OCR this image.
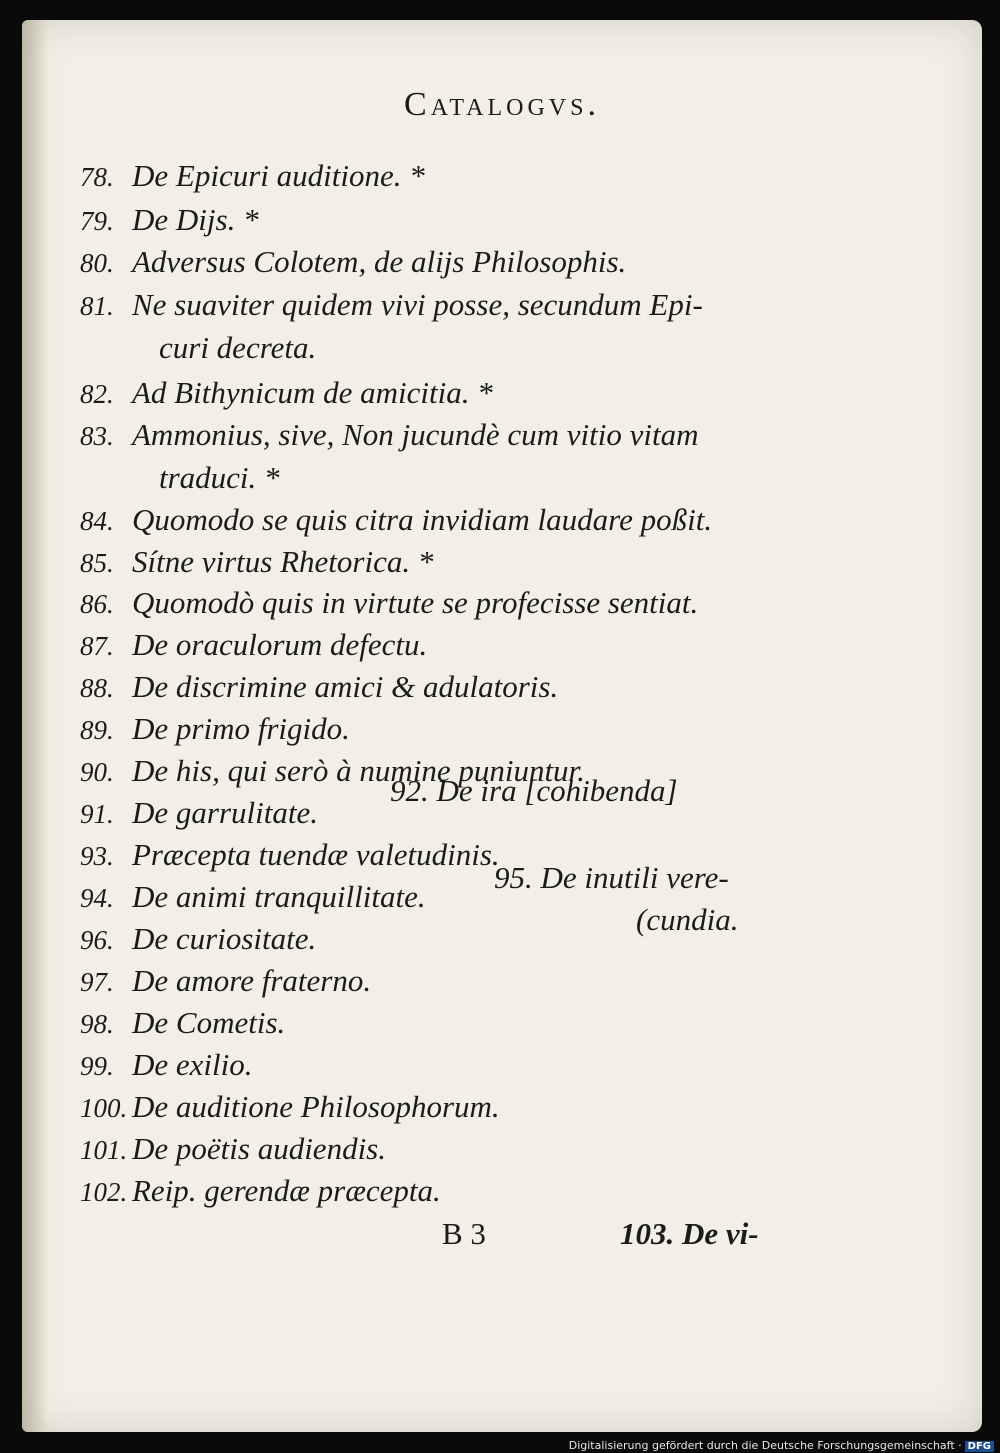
Catalogvs.
78. De Epicuri auditione. *
79. De Dijs. *
80. Adversus Colotem, de alijs Philosophis.
81. Ne suaviter quidem vivi posse, secundum Epi-
curi decreta.
82. Ad Bithynicum de amicitia. *
83. Ammonius, sive, Non jucundè cum vitio vitam
traduci. *
84. Quomodo se quis citra invidiam laudare poßit.
85. Sítne virtus Rhetorica. *
86. Quomodò quis in virtute se profecisse sentiat.
87. De oraculorum defectu.
88. De discrimine amici & adulatoris.
89. De primo frigido.
90. De his, qui serò à numine puniuntur.
91. De garrulitate.
93. Præcepta tuendæ valetudinis.
94. De animi tranquillitate.
96. De curiositate.
97. De amore fraterno.
98. De Cometis.
99. De exilio.
100. De auditione Philosophorum.
101. De poëtis audiendis.
102. Reip. gerendæ præcepta.
92. De ira [cohibenda]
95. De inutili vere-
(cundia.
B 3	103. De vi-
Digitalisierung gefördert durch die Deutsche Forschungsgemeinschaft · DFG
